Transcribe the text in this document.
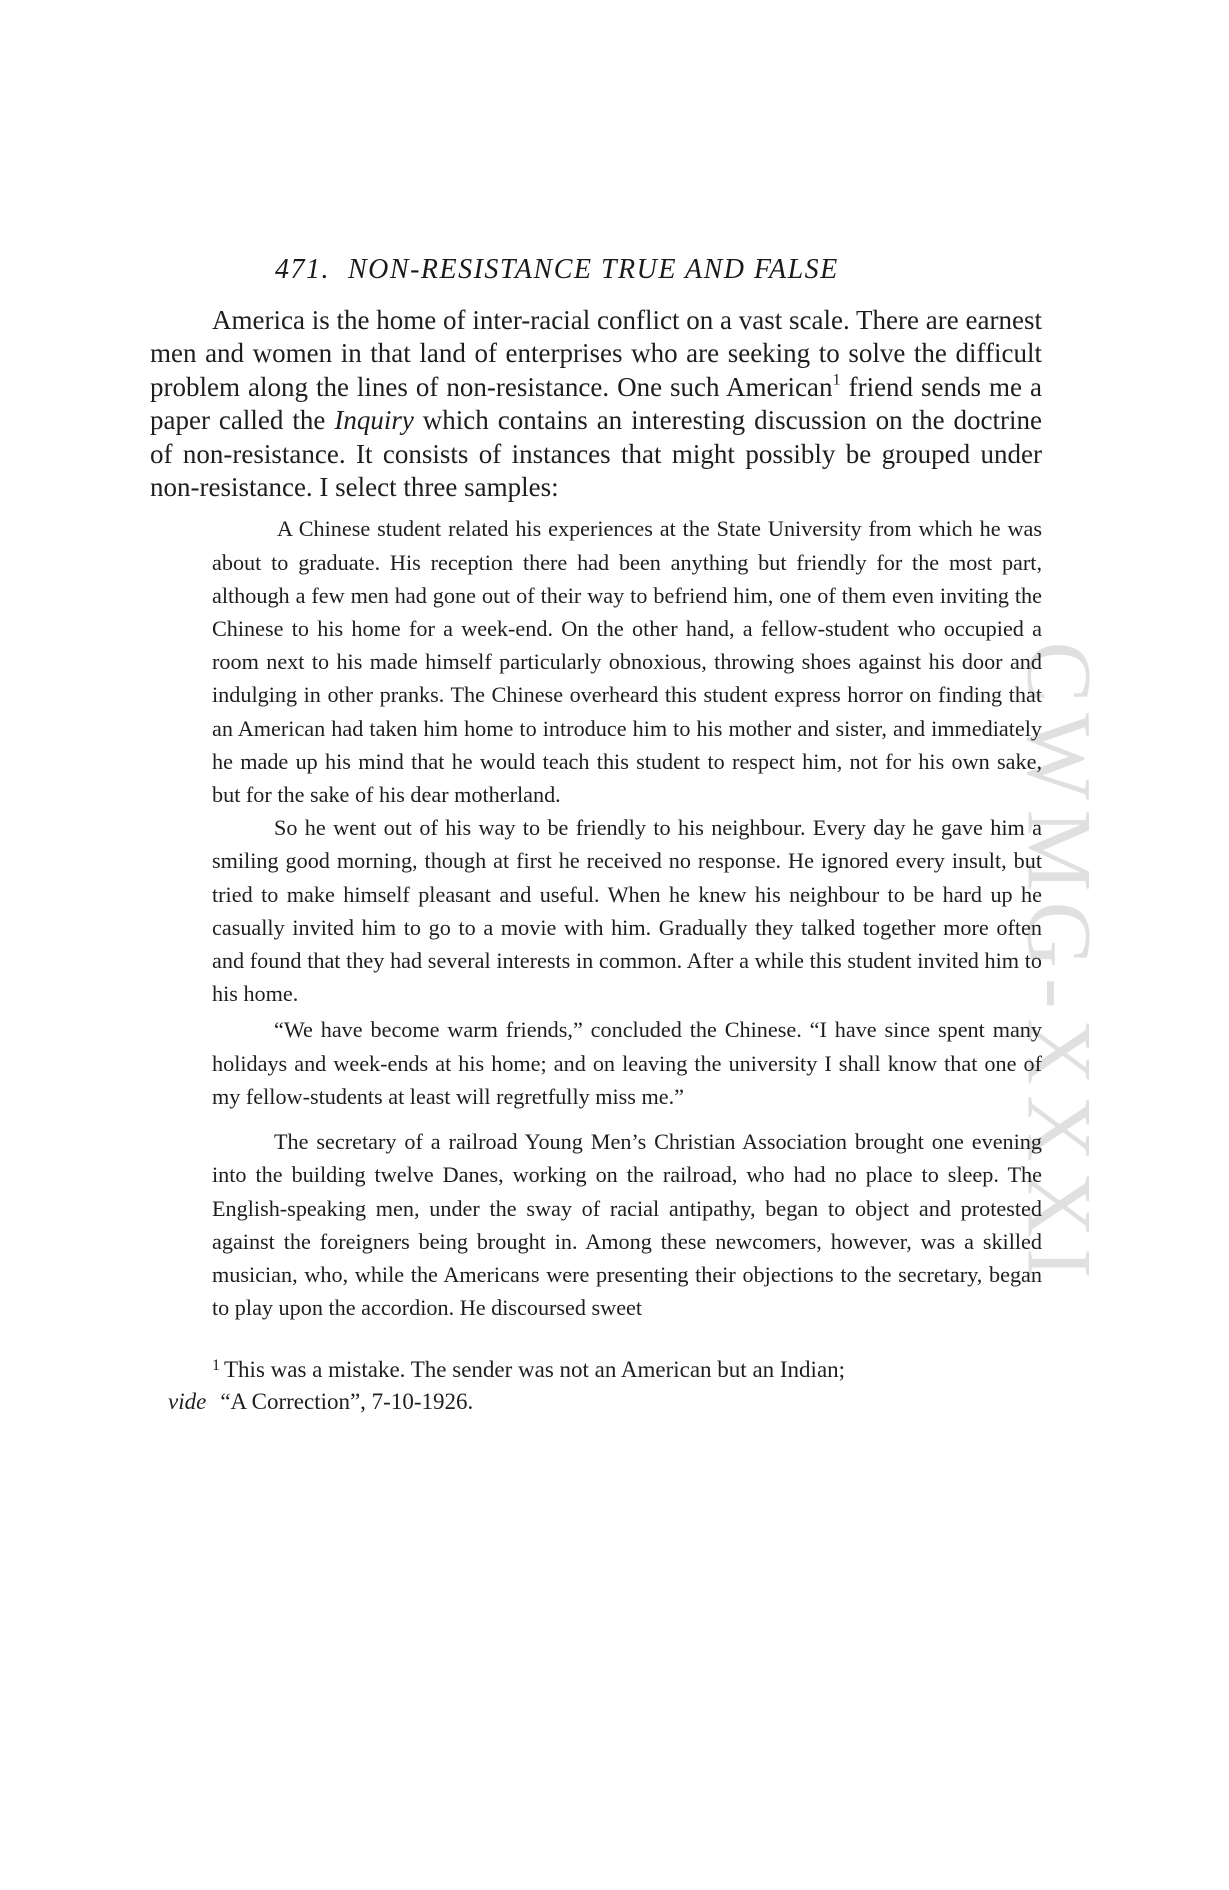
CWMG-XXXI
471. NON-RESISTANCE TRUE AND FALSE

America is the home of inter-racial conflict on a vast scale. There are earnest men and women in that land of enterprises who are seeking to solve the difficult problem along the lines of non-resistance. One such American$^1$ friend sends me a paper called the Inquiry which contains an interesting discussion on the doctrine of non-resistance. It consists of instances that might possibly be grouped under non-resistance. I select three samples:

A Chinese student related his experiences at the State University from which he was about to graduate. His reception there had been anything but friendly for the most part, although a few men had gone out of their way to befriend him, one of them even inviting the Chinese to his home for a week-end. On the other hand, a fellow-student who occupied a room next to his made himself particularly obnoxious, throwing shoes against his door and indulging in other pranks. The Chinese overheard this student express horror on finding that an American had taken him home to introduce him to his mother and sister, and immediately he made up his mind that he would teach this student to respect him, not for his own sake, but for the sake of his dear motherland.

So he went out of his way to be friendly to his neighbour. Every day he gave him a smiling good morning, though at first he received no response. He ignored every insult, but tried to make himself pleasant and useful. When he knew his neighbour to be hard up he casually invited him to go to a movie with him. Gradually they talked together more often and found that they had several interests in common. After a while this student invited him to his home.

“We have become warm friends,” concluded the Chinese. “I have since spent many holidays and week-ends at his home; and on leaving the university I shall know that one of my fellow-students at least will regretfully miss me.”

The secretary of a railroad Young Men’s Christian Association brought one evening into the building twelve Danes, working on the railroad, who had no place to sleep. The English-speaking men, under the sway of racial antipathy, began to object and protested against the foreigners being brought in. Among these newcomers, however, was a skilled musician, who, while the Americans were presenting their objections to the secretary, began to play upon the accordion. He discoursed sweet

$^1$ This was a mistake. The sender was not an American but an Indian;
vide “A Correction”, 7-10-1926.
